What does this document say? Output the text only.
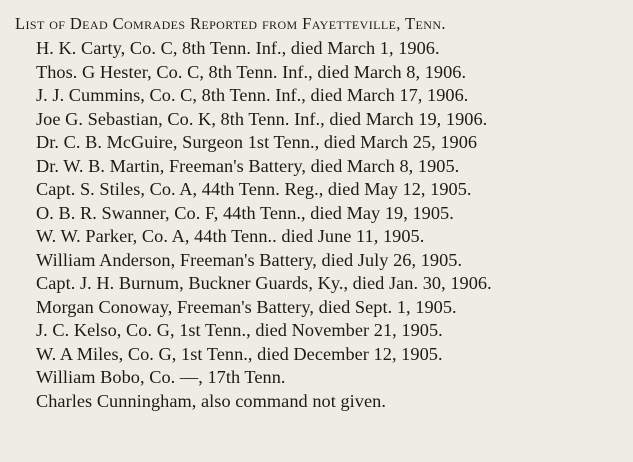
List of Dead Comrades Reported from Fayetteville, Tenn.
H. K. Carty, Co. C, 8th Tenn. Inf., died March 1, 1906.
Thos. G Hester, Co. C, 8th Tenn. Inf., died March 8, 1906.
J. J. Cummins, Co. C, 8th Tenn. Inf., died March 17, 1906.
Joe G. Sebastian, Co. K, 8th Tenn. Inf., died March 19, 1906.
Dr. C. B. McGuire, Surgeon 1st Tenn., died March 25, 1906
Dr. W. B. Martin, Freeman's Battery, died March 8, 1905.
Capt. S. Stiles, Co. A, 44th Tenn. Reg., died May 12, 1905.
O. B. R. Swanner, Co. F, 44th Tenn., died May 19, 1905.
W. W. Parker, Co. A, 44th Tenn.. died June 11, 1905.
William Anderson, Freeman's Battery, died July 26, 1905.
Capt. J. H. Burnum, Buckner Guards, Ky., died Jan. 30, 1906.
Morgan Conoway, Freeman's Battery, died Sept. 1, 1905.
J. C. Kelso, Co. G, 1st Tenn., died November 21, 1905.
W. A Miles, Co. G, 1st Tenn., died December 12, 1905.
William Bobo, Co. —, 17th Tenn.
Charles Cunningham, also command not given.
